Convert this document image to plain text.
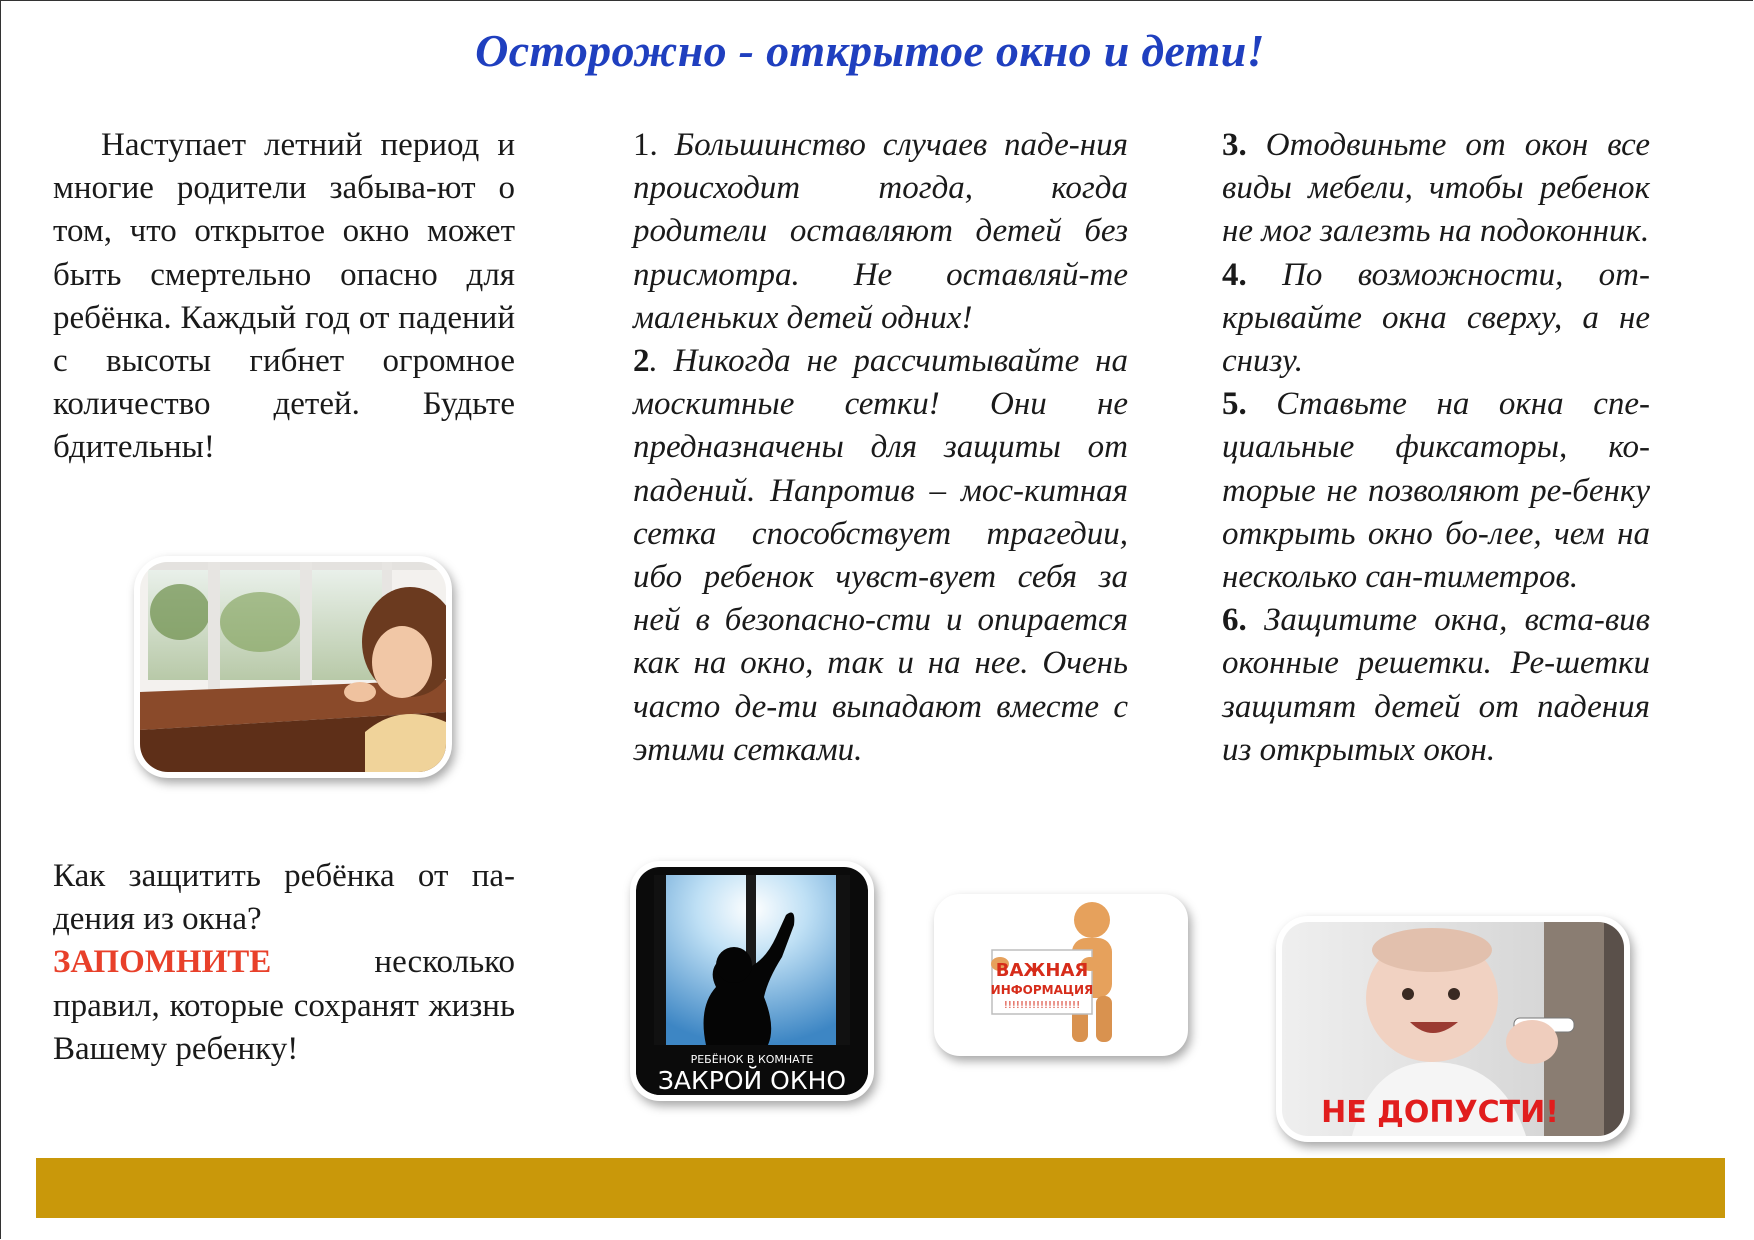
Осторожно - открытое окно и дети!

Наступает летний период и многие родители забыва-ют о том, что открытое окно может быть смертельно опасно для ребёнка. Каждый год от падений с высоты гибнет огромное количество детей. Будьте бдительны!

Как защитить ребёнка от па-дения из окна?

ЗАПОМНИТЕ несколько правил, которые сохранят жизнь Вашему ребенку!

1. Большинство случаев паде-ния происходит тогда, когда родители оставляют детей без присмотра. Не оставляй-те маленьких детей одних!

2. Никогда не рассчитывайте на москитные сетки! Они не предназначены для защиты от падений. Напротив – мос-китная сетка способствует трагедии, ибо ребенок чувст-вует себя за ней в безопасно-сти и опирается как на окно, так и на нее. Очень часто де-ти выпадают вместе с этими сетками.

3. Отодвиньте от окон все виды мебели, чтобы ребенок не мог залезть на подоконник.

4. По возможности, от-крывайте окна сверху, а не снизу.

5. Ставьте на окна спе-циальные фиксаторы, ко-торые не позволяют ре-бенку открыть окно бо-лее, чем на несколько сан-тиметров.

6. Защитите окна, вста-вив оконные решетки. Ре-шетки защитят детей от падения из открытых окон.

РЕБЁНОК В КОМНАТЕ
ЗАКРОЙ ОКНО
ВАЖНАЯ
ИНФОРМАЦИЯ
!!!!!!!!!!!!!!!!!!!
НЕ ДОПУСТИ!
